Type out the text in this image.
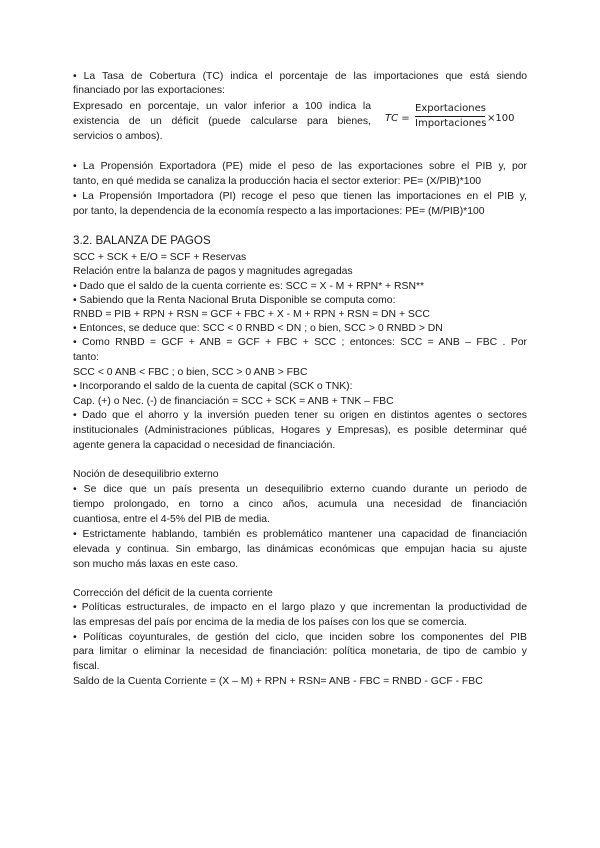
• La Tasa de Cobertura (TC) indica el porcentaje de las importaciones que está siendo
financiado por las exportaciones:
Expresado en porcentaje, un valor inferior a 100 indica la
existencia de un déficit (puede calcularse para bienes,
servicios o ambos).
TC =
Exportaciones
Importaciones ×100
• La Propensión Exportadora (PE) mide el peso de las exportaciones sobre el PIB y, por
tanto, en qué medida se canaliza la producción hacia el sector exterior: PE= (X/PIB)*100
• La Propensión Importadora (PI) recoge el peso que tienen las importaciones en el PIB y,
por tanto, la dependencia de la economía respecto a las importaciones: PE= (M/PIB)*100
3.2. BALANZA DE PAGOS
SCC + SCK + E/O = SCF + Reservas
Relación entre la balanza de pagos y magnitudes agregadas
• Dado que el saldo de la cuenta corriente es: SCC = X - M + RPN* + RSN**
• Sabiendo que la Renta Nacional Bruta Disponible se computa como:
RNBD = PIB + RPN + RSN = GCF + FBC + X - M + RPN + RSN = DN + SCC
• Entonces, se deduce que: SCC < 0 RNBD < DN ; o bien, SCC > 0 RNBD > DN
• Como RNBD = GCF + ANB = GCF + FBC + SCC ; entonces: SCC = ANB – FBC . Por
tanto:
SCC < 0 ANB < FBC ; o bien, SCC > 0 ANB > FBC
• Incorporando el saldo de la cuenta de capital (SCK o TNK):
Cap. (+) o Nec. (-) de financiación = SCC + SCK = ANB + TNK – FBC
• Dado que el ahorro y la inversión pueden tener su origen en distintos agentes o sectores
institucionales (Administraciones públicas, Hogares y Empresas), es posible determinar qué
agente genera la capacidad o necesidad de financiación.
Noción de desequilibrio externo
• Se dice que un país presenta un desequilibrio externo cuando durante un periodo de
tiempo prolongado, en torno a cinco años, acumula una necesidad de financiación
cuantiosa, entre el 4-5% del PIB de media.
• Estrictamente hablando, también es problemático mantener una capacidad de financiación
elevada y continua. Sin embargo, las dinámicas económicas que empujan hacia su ajuste
son mucho más laxas en este caso.
Corrección del déficit de la cuenta corriente
• Políticas estructurales, de impacto en el largo plazo y que incrementan la productividad de
las empresas del país por encima de la media de los países con los que se comercia.
• Políticas coyunturales, de gestión del ciclo, que inciden sobre los componentes del PIB
para limitar o eliminar la necesidad de financiación: política monetaria, de tipo de cambio y
fiscal.
Saldo de la Cuenta Corriente = (X – M) + RPN + RSN= ANB - FBC = RNBD - GCF - FBC
